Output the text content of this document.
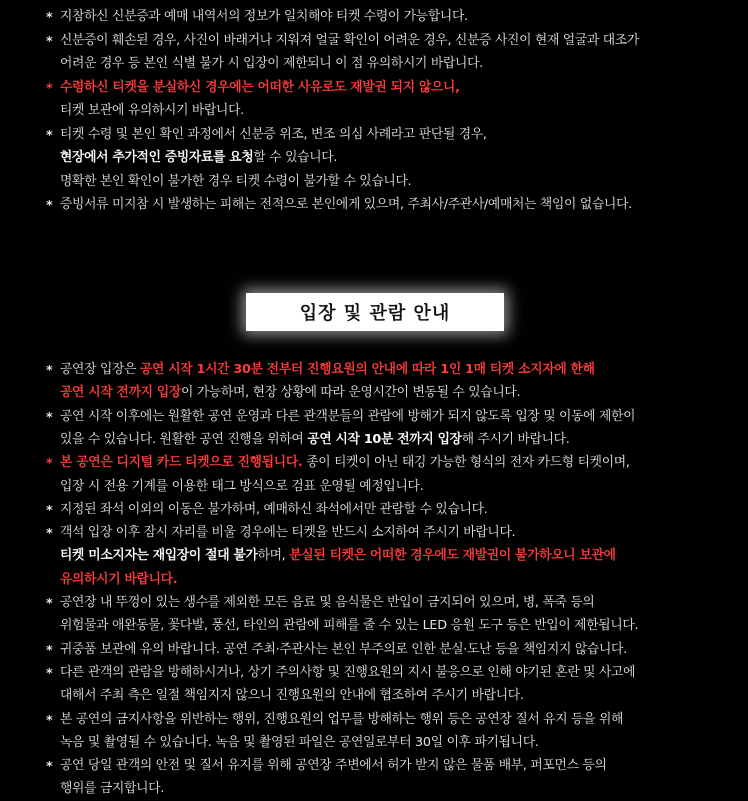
* 지참하신 신분증과 예매 내역서의 정보가 일치해야 티켓 수령이 가능합니다.
* 신분증이 훼손된 경우, 사진이 바래거나 지워져 얼굴 확인이 어려운 경우, 신분증 사진이 현재 얼굴과 대조가
어려운 경우 등 본인 식별 불가 시 입장이 제한되니 이 점 유의하시기 바랍니다.
* 수령하신 티켓을 분실하신 경우에는 어떠한 사유로도 재발권 되지 않으니,
티켓 보관에 유의하시기 바랍니다.
* 티켓 수령 및 본인 확인 과정에서 신분증 위조, 변조 의심 사례라고 판단될 경우,
현장에서 추가적인 증빙자료를 요청할 수 있습니다.
명확한 본인 확인이 불가한 경우 티켓 수령이 불가할 수 있습니다.
* 증빙서류 미지참 시 발생하는 피해는 전적으로 본인에게 있으며, 주최사/주관사/예매처는 책임이 없습니다.
입장 및 관람 안내
* 공연장 입장은 공연 시작 1시간 30분 전부터 진행요원의 안내에 따라 1인 1매 티켓 소지자에 한해
공연 시작 전까지 입장이 가능하며, 현장 상황에 따라 운영시간이 변동될 수 있습니다.
* 공연 시작 이후에는 원활한 공연 운영과 다른 관객분들의 관람에 방해가 되지 않도록 입장 및 이동에 제한이
있을 수 있습니다. 원활한 공연 진행을 위하여 공연 시작 10분 전까지 입장해 주시기 바랍니다.
* 본 공연은 디지털 카드 티켓으로 진행됩니다. 종이 티켓이 아닌 태깅 가능한 형식의 전자 카드형 티켓이며,
입장 시 전용 기계를 이용한 태그 방식으로 검표 운영될 예정입니다.
* 지정된 좌석 이외의 이동은 불가하며, 예매하신 좌석에서만 관람할 수 있습니다.
* 객석 입장 이후 잠시 자리를 비울 경우에는 티켓을 반드시 소지하여 주시기 바랍니다.
티켓 미소지자는 재입장이 절대 불가하며, 분실된 티켓은 어떠한 경우에도 재발권이 불가하오니 보관에
유의하시기 바랍니다.
* 공연장 내 뚜껑이 있는 생수를 제외한 모든 음료 및 음식물은 반입이 금지되어 있으며, 병, 폭죽 등의
위험물과 애완동물, 꽃다발, 풍선, 타인의 관람에 피해를 줄 수 있는 LED 응원 도구 등은 반입이 제한됩니다.
* 귀중품 보관에 유의 바랍니다. 공연 주최·주관사는 본인 부주의로 인한 분실·도난 등을 책임지지 않습니다.
* 다른 관객의 관람을 방해하시거나, 상기 주의사항 및 진행요원의 지시 불응으로 인해 야기된 혼란 및 사고에
대해서 주최 측은 일절 책임지지 않으니 진행요원의 안내에 협조하여 주시기 바랍니다.
* 본 공연의 금지사항을 위반하는 행위, 진행요원의 업무를 방해하는 행위 등은 공연장 질서 유지 등을 위해
녹음 및 촬영될 수 있습니다. 녹음 및 촬영된 파일은 공연일로부터 30일 이후 파기됩니다.
* 공연 당일 관객의 안전 및 질서 유지를 위해 공연장 주변에서 허가 받지 않은 물품 배부, 퍼포먼스 등의
행위를 금지합니다.
